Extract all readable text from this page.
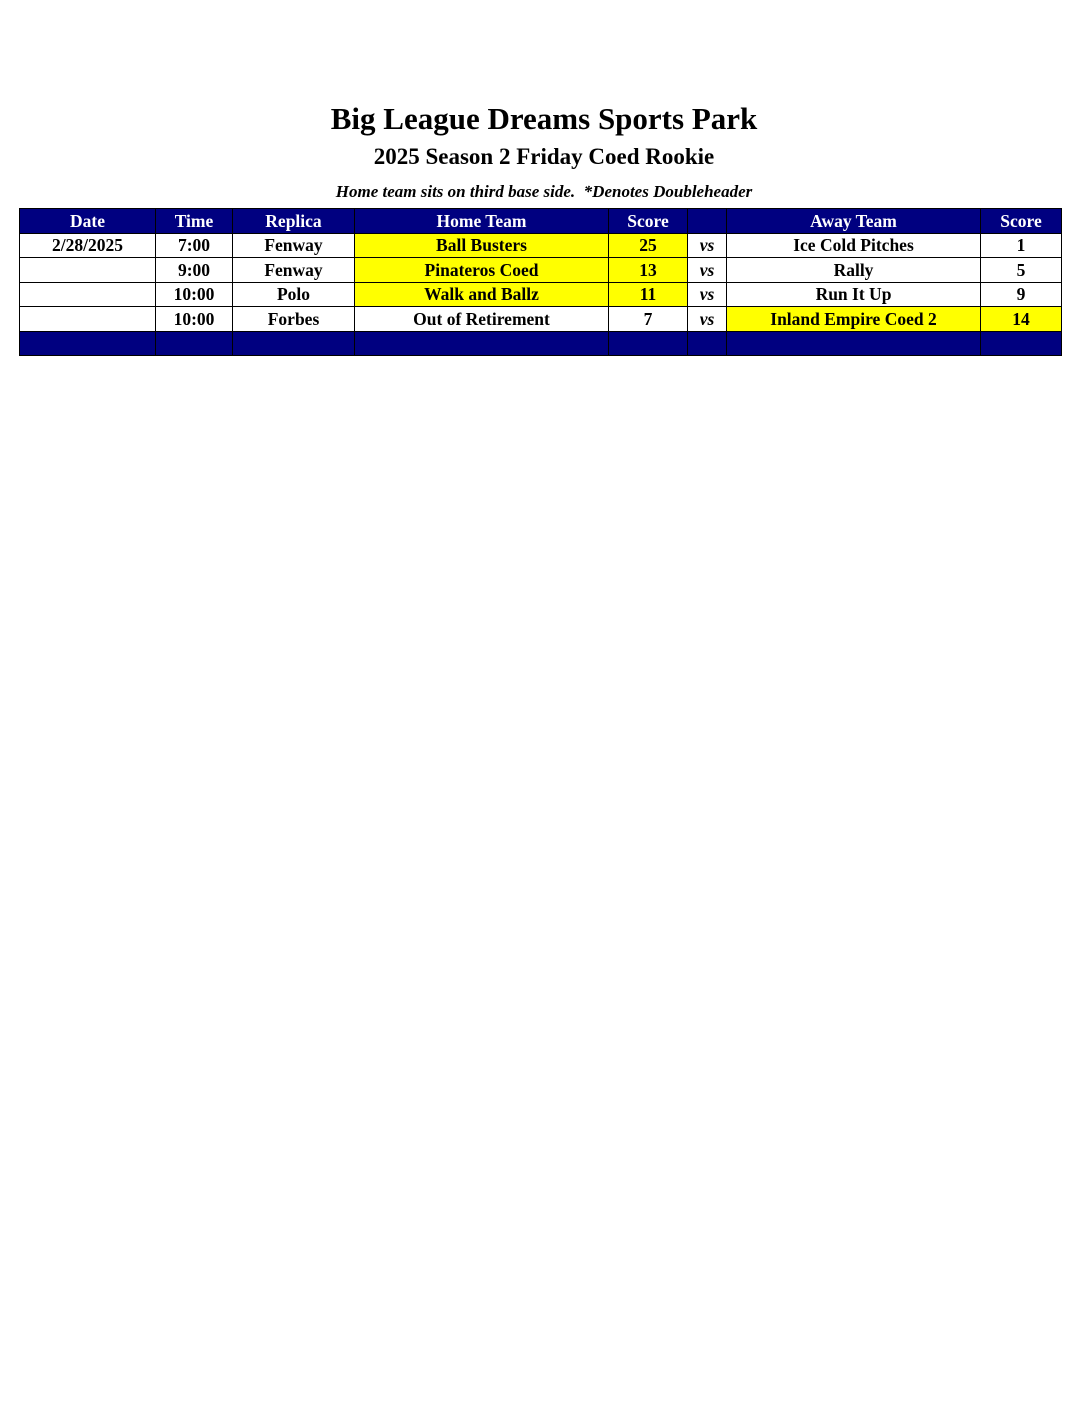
Big League Dreams Sports Park
2025 Season 2 Friday Coed Rookie
Home team sits on third base side.  *Denotes Doubleheader
Date	Time	Replica	Home Team	Score		Away Team	Score
2/28/2025	7:00	Fenway	Ball Busters	25	vs	Ice Cold Pitches	1
	9:00	Fenway	Pinateros Coed	13	vs	Rally	5
	10:00	Polo	Walk and Ballz	11	vs	Run It Up	9
	10:00	Forbes	Out of Retirement	7	vs	Inland Empire Coed 2	14
